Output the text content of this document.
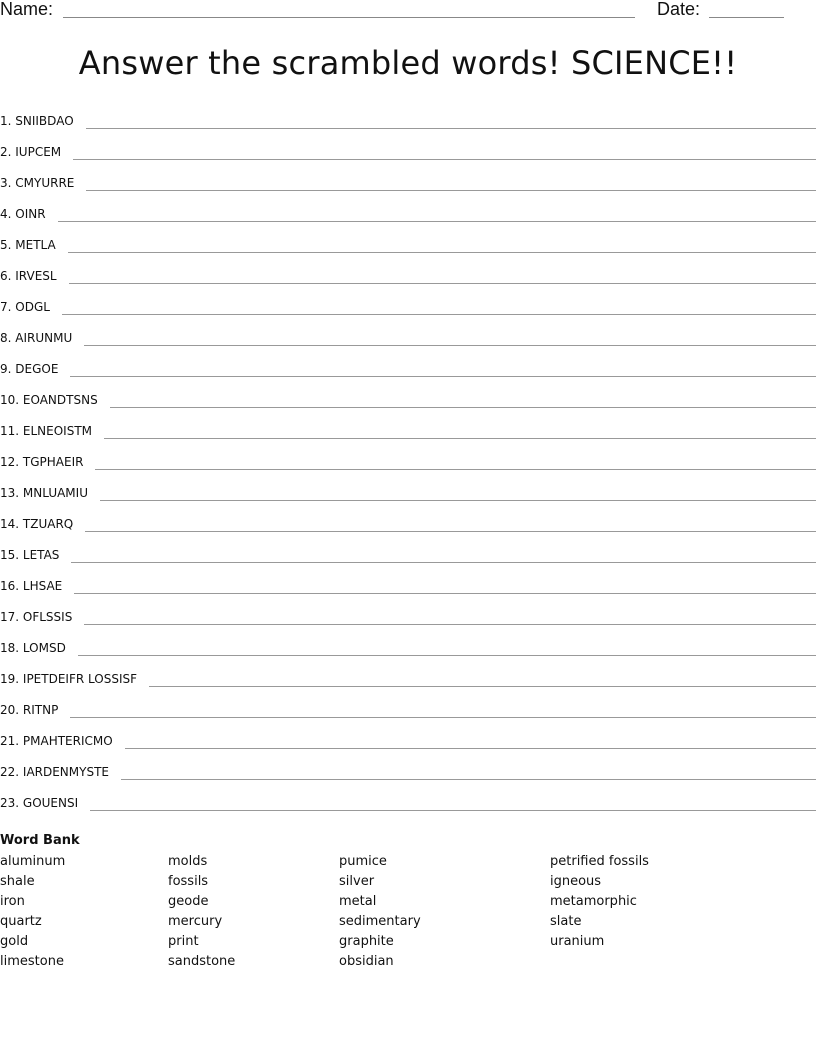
Name:	Date:
Answer the scrambled words! SCIENCE!!
1. SNIIBDAO
2. IUPCEM
3. CMYURRE
4. OINR
5. METLA
6. IRVESL
7. ODGL
8. AIRUNMU
9. DEGOE
10. EOANDTSNS
11. ELNEOISTM
12. TGPHAEIR
13. MNLUAMIU
14. TZUARQ
15. LETAS
16. LHSAE
17. OFLSSIS
18. LOMSD
19. IPETDEIFR LOSSISF
20. RITNP
21. PMAHTERICMO
22. IARDENMYSTE
23. GOUENSI
Word Bank
aluminum
shale
iron
quartz
gold
limestone
molds
fossils
geode
mercury
print
sandstone
pumice
silver
metal
sedimentary
graphite
obsidian
petrified fossils
igneous
metamorphic
slate
uranium
